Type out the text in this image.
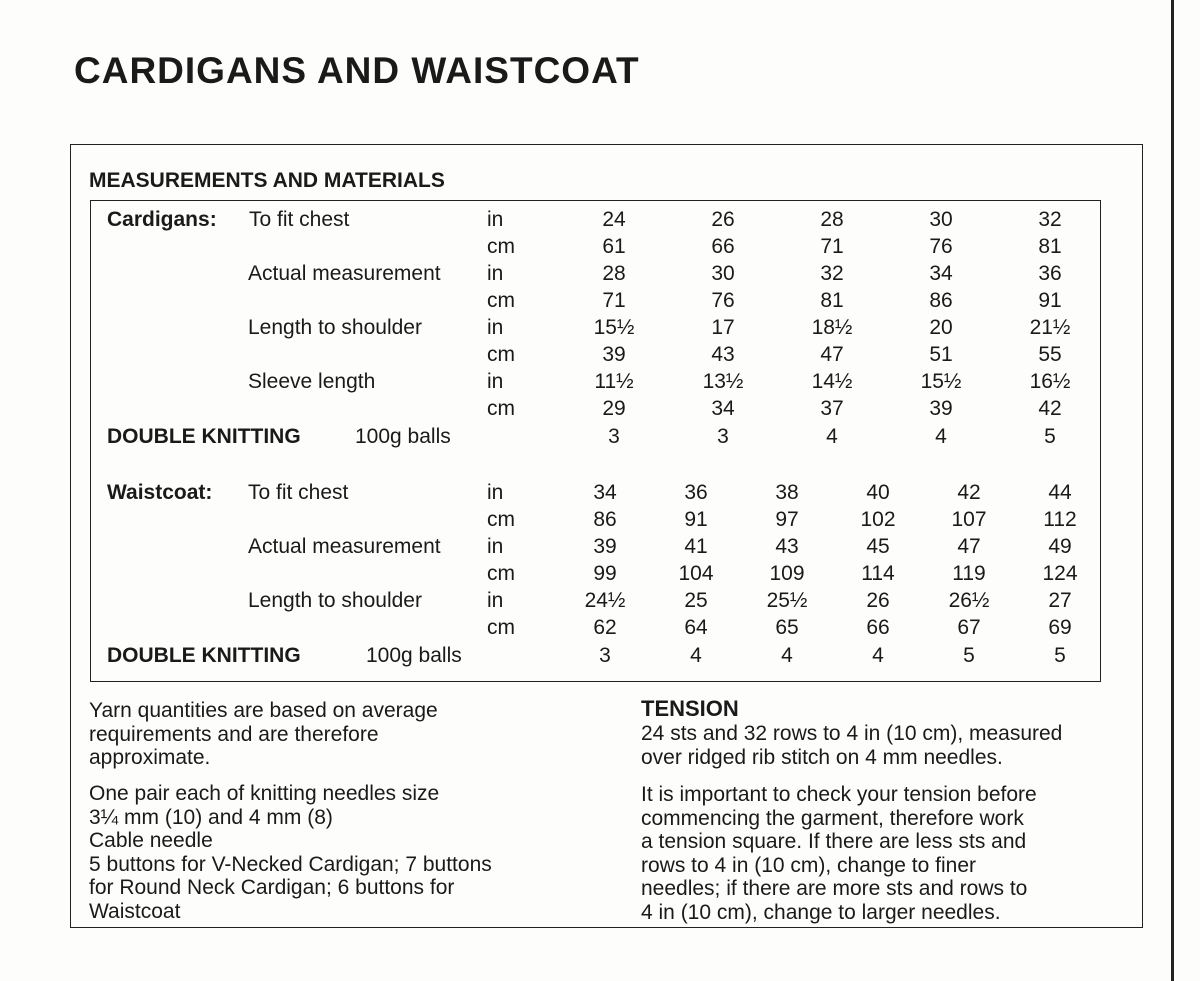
CARDIGANS AND WAISTCOAT
MEASUREMENTS AND MATERIALS
Cardigans: To fit chest	in	24	26	28	30	32
cm	61	66	71	76	81
Actual measurement in	28	30	32	34	36
cm	71	76	81	86	91
Length to shoulder	in	15½	17	18½	20	21½
cm	39	43	47	51	55
Sleeve length	in	11½	13½	14½	15½	16½
cm	29	34	37	39	42
DOUBLE KNITTING	100g balls	3	3	4	4	5
Waistcoat: To fit chest	in	34	36	38	40	42	44
cm	86	91	97	102	107	112
Actual measurement in	39	41	43	45	47	49
cm	99	104	109	114	119	124
Length to shoulder	in	24½	25	25½	26	26½	27
cm	62	64	65	66	67	69
DOUBLE KNITTING	100g balls	3	4	4	4	5	5

Yarn quantities are based on average
requirements and are therefore
approximate.

One pair each of knitting needles size
3¼ mm (10) and 4 mm (8)
Cable needle
5 buttons for V-Necked Cardigan; 7 buttons
for Round Neck Cardigan; 6 buttons for
Waistcoat

TENSION

24 sts and 32 rows to 4 in (10 cm), measured
over ridged rib stitch on 4 mm needles.

It is important to check your tension before
commencing the garment, therefore work
a tension square. If there are less sts and
rows to 4 in (10 cm), change to finer
needles; if there are more sts and rows to
4 in (10 cm), change to larger needles.
